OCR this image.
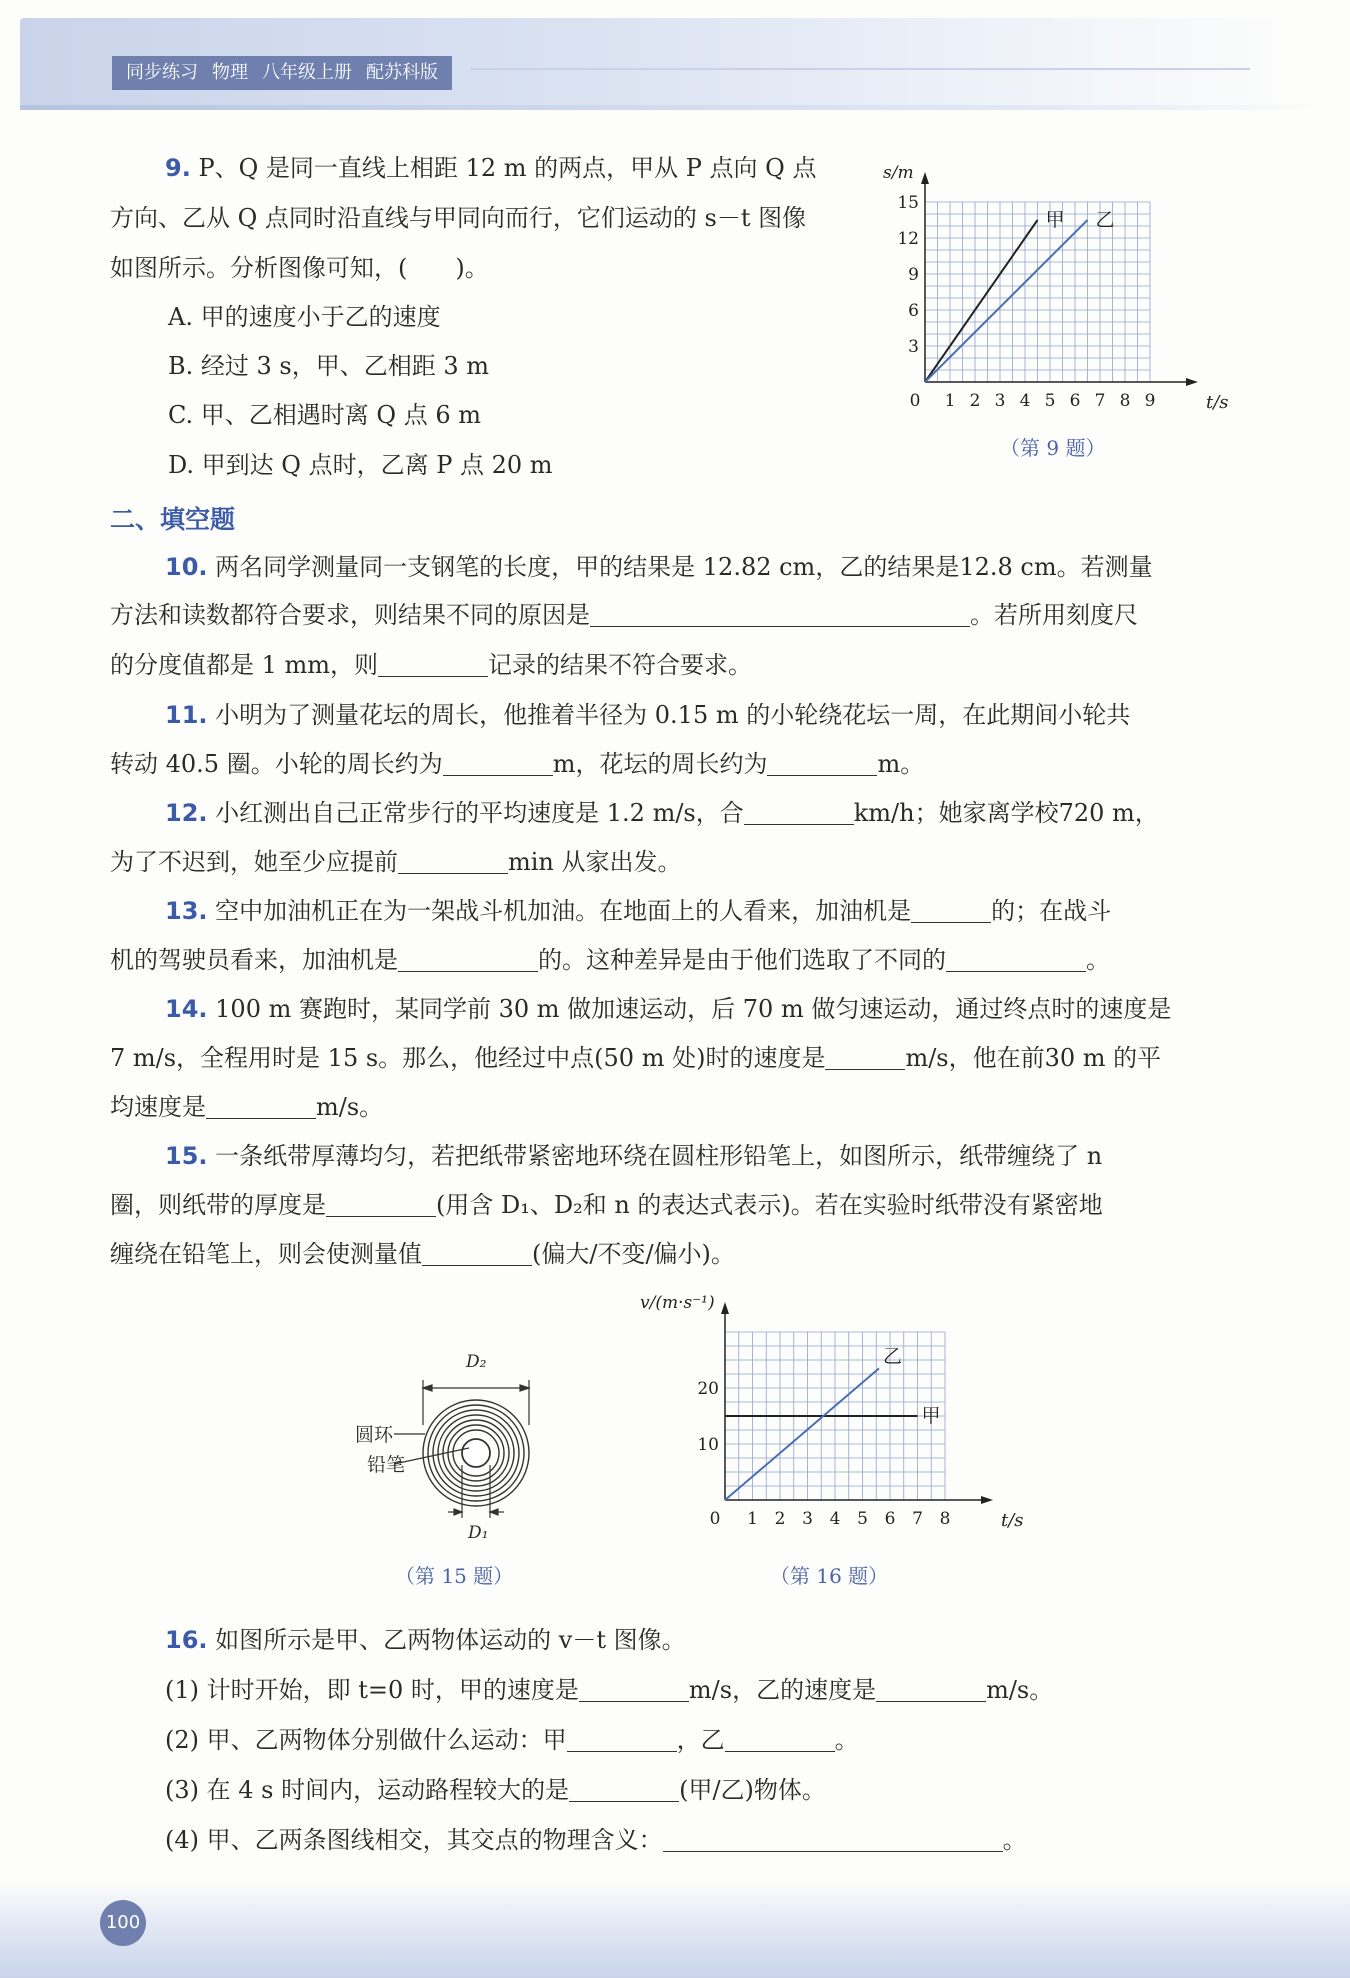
同步练习 物理 八年级上册 配苏科版
9. P、Q 是同一直线上相距 12 m 的两点，甲从 P 点向 Q 点
方向、乙从 Q 点同时沿直线与甲同向而行，它们运动的 s－t 图像
如图所示。分析图像可知，(　　)。
A. 甲的速度小于乙的速度
B. 经过 3 s，甲、乙相距 3 m
C. 甲、乙相遇时离 Q 点 6 m
D. 甲到达 Q 点时，乙离 P 点 20 m
0 1 2 3 4 5 6 7 8 9
3
6
9
12
15
t/s
s/m
甲 乙
（第 9 题）
二、填空题
10. 两名同学测量同一支钢笔的长度，甲的结果是 12.82 cm，乙的结果是12.8 cm。若测量
方法和读数都符合要求，则结果不同的原因是	。若所用刻度尺
的分度值都是 1 mm，则	记录的结果不符合要求。
11. 小明为了测量花坛的周长，他推着半径为 0.15 m 的小轮绕花坛一周，在此期间小轮共
转动 40.5 圈。小轮的周长约为	m，花坛的周长约为	m。
12. 小红测出自己正常步行的平均速度是 1.2 m/s，合	km/h；她家离学校720 m，
为了不迟到，她至少应提前	min 从家出发。
13. 空中加油机正在为一架战斗机加油。在地面上的人看来，加油机是	的；在战斗
机的驾驶员看来，加油机是	的。这种差异是由于他们选取了不同的	。
14. 100 m 赛跑时，某同学前 30 m 做加速运动，后 70 m 做匀速运动，通过终点时的速度是
7 m/s，全程用时是 15 s。那么，他经过中点(50 m 处)时的速度是	m/s，他在前30 m 的平
均速度是	m/s。
15. 一条纸带厚薄均匀，若把纸带紧密地环绕在圆柱形铅笔上，如图所示，纸带缠绕了 n
圈，则纸带的厚度是	(用含 D₁、D₂和 n 的表达式表示)。若在实验时纸带没有紧密地
缠绕在铅笔上，则会使测量值	(偏大/不变/偏小)。
D₂
D₁
圆环
铅笔
（第 15 题）
0 1 2 3 4 5 6 7 8
10
20
t/s
v/(m·s⁻¹)
甲
乙
（第 16 题）
16. 如图所示是甲、乙两物体运动的 v－t 图像。
(1) 计时开始，即 t=0 时，甲的速度是	m/s，乙的速度是	m/s。
(2) 甲、乙两物体分别做什么运动：甲	，乙	。
(3) 在 4 s 时间内，运动路程较大的是	(甲/乙)物体。
(4) 甲、乙两条图线相交，其交点的物理含义：	。
100
